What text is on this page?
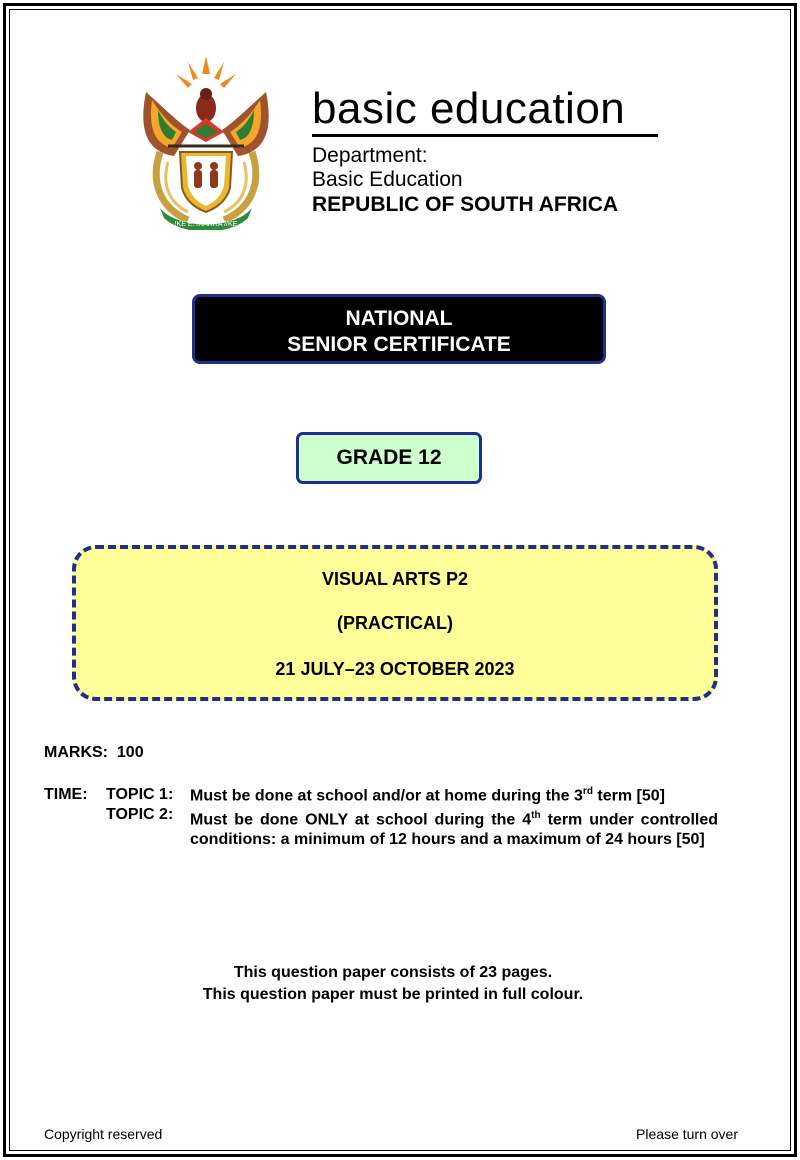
!KE E: /XARRA //KE
basic education
Department:
Basic Education
REPUBLIC OF SOUTH AFRICA
NATIONAL
SENIOR CERTIFICATE
GRADE 12
VISUAL ARTS P2
(PRACTICAL)
21 JULY–23 OCTOBER 2023
MARKS: 100
TIME: TOPIC 1: Must be done at school and/or at home during the 3rd term [50]
TOPIC 2: Must be done ONLY at school during the 4th term under controlled conditions: a minimum of 12 hours and a maximum of 24 hours [50]
This question paper consists of 23 pages.
This question paper must be printed in full colour.
Copyright reserved	Please turn over
